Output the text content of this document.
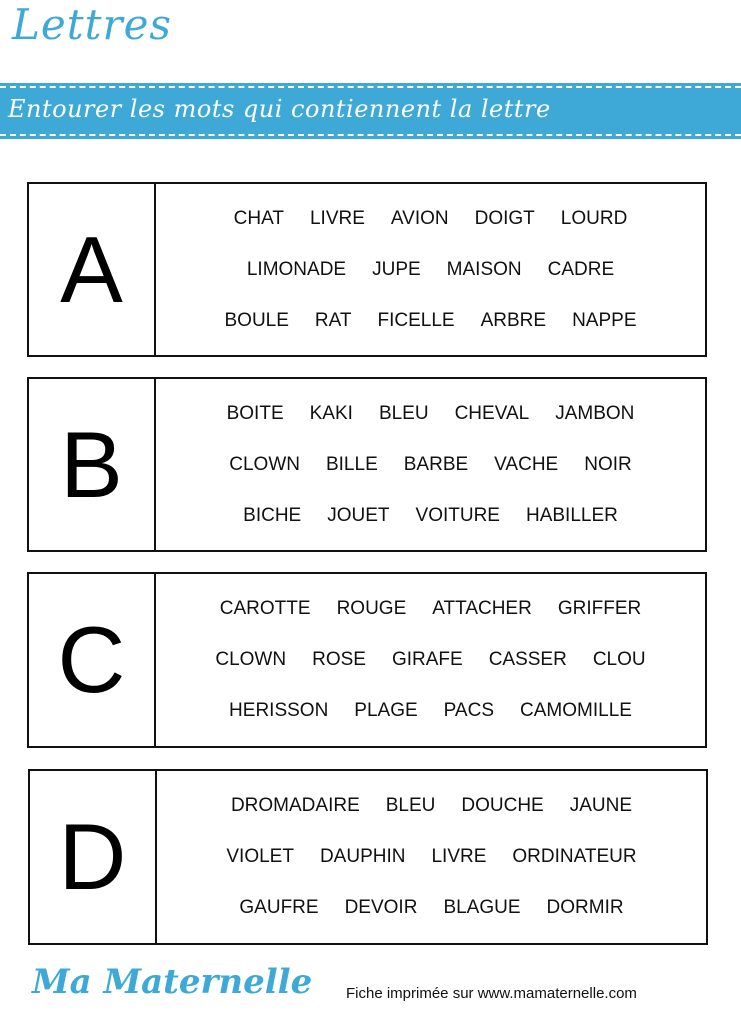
Lettres
Entourer les mots qui contiennent la lettre
A	CHAT LIVRE AVION DOIGT LOURD
LIMONADE JUPE MAISON CADRE
BOULE RAT FICELLE ARBRE NAPPE
B	BOITE KAKI BLEU CHEVAL JAMBON
CLOWN BILLE BARBE VACHE NOIR
BICHE JOUET VOITURE HABILLER
C	CAROTTE ROUGE ATTACHER GRIFFER
CLOWN ROSE GIRAFE CASSER CLOU
HERISSON PLAGE PACS CAMOMILLE
D	DROMADAIRE BLEU DOUCHE JAUNE
VIOLET DAUPHIN LIVRE ORDINATEUR
GAUFRE DEVOIR BLAGUE DORMIR
Ma Maternelle Fiche imprimée sur www.mamaternelle.com
